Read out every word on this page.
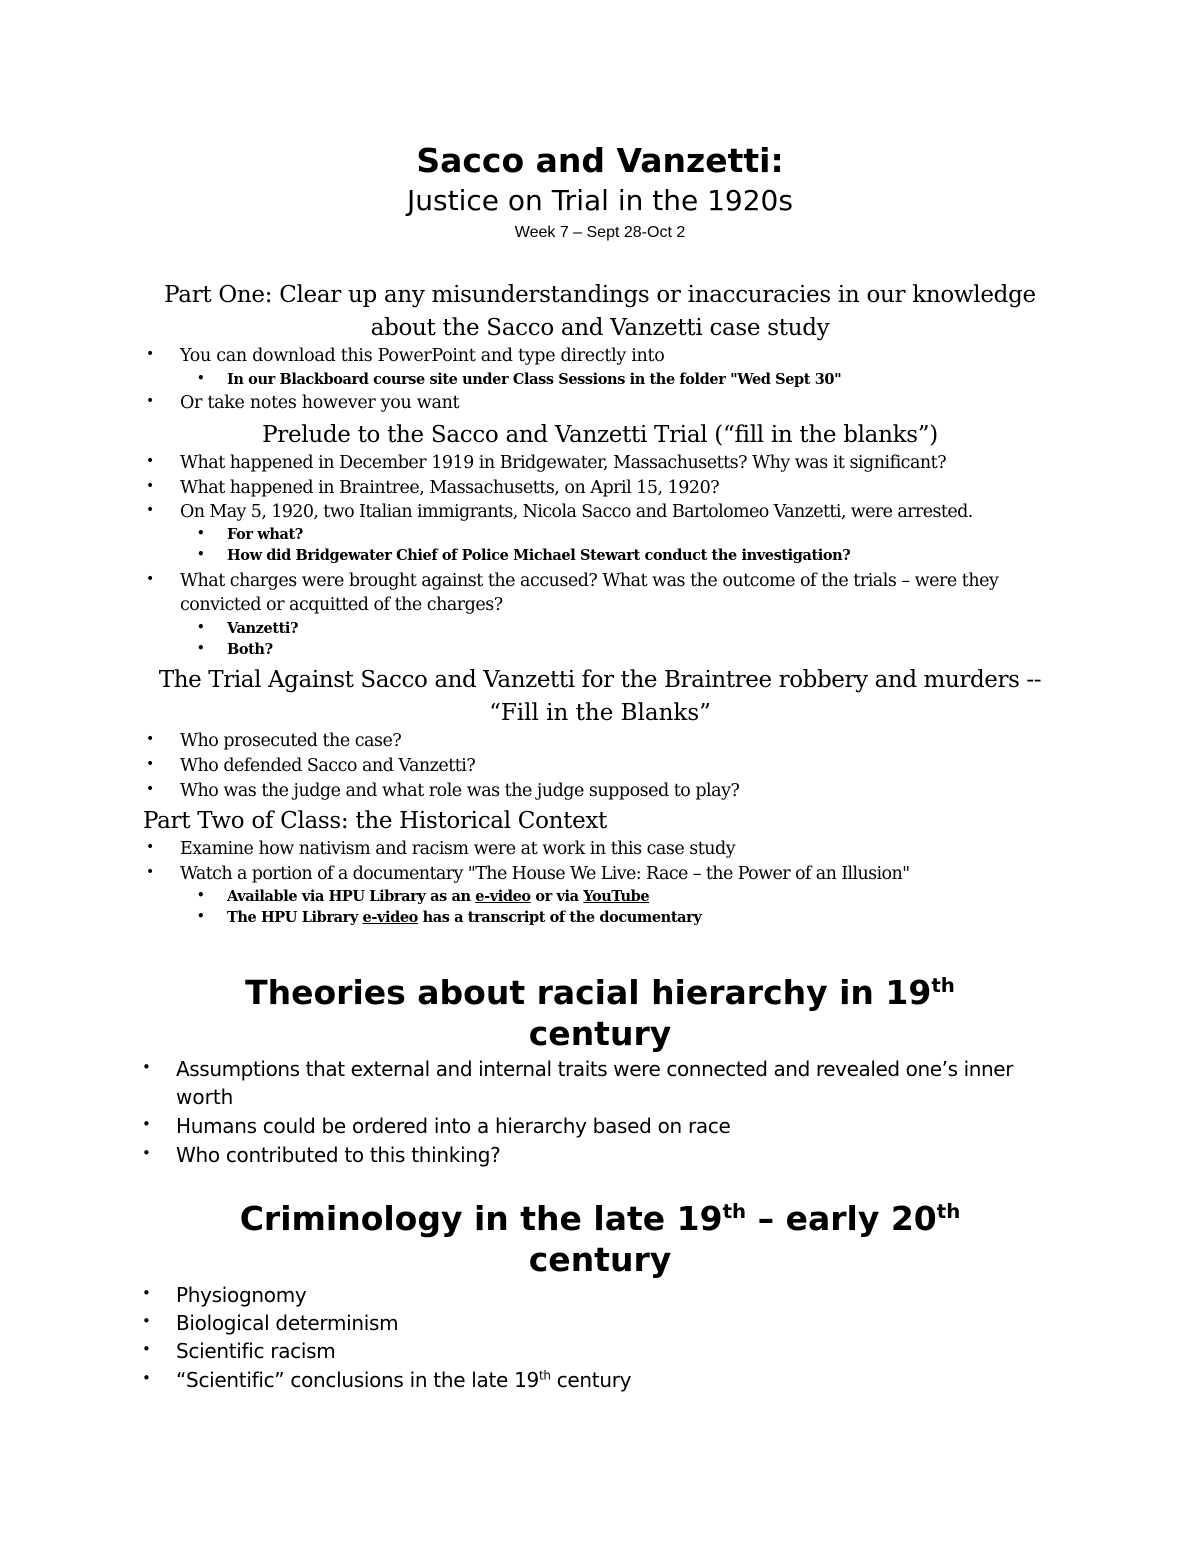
Sacco and Vanzetti:
Justice on Trial in the 1920s
Week 7 – Sept 28-Oct 2
Part One: Clear up any misunderstandings or inaccuracies in our knowledge
about the Sacco and Vanzetti case study
• You can download this PowerPoint and type directly into
• In our Blackboard course site under Class Sessions in the folder "Wed Sept 30"
• Or take notes however you want
Prelude to the Sacco and Vanzetti Trial (“fill in the blanks”)
• What happened in December 1919 in Bridgewater, Massachusetts? Why was it significant?
• What happened in Braintree, Massachusetts, on April 15, 1920?
• On May 5, 1920, two Italian immigrants, Nicola Sacco and Bartolomeo Vanzetti, were arrested.
• For what?
• How did Bridgewater Chief of Police Michael Stewart conduct the investigation?
• What charges were brought against the accused? What was the outcome of the trials – were they
convicted or acquitted of the charges?
• Vanzetti?
• Both?
The Trial Against Sacco and Vanzetti for the Braintree robbery and murders --
“Fill in the Blanks”
• Who prosecuted the case?
• Who defended Sacco and Vanzetti?
• Who was the judge and what role was the judge supposed to play?
Part Two of Class: the Historical Context
• Examine how nativism and racism were at work in this case study
• Watch a portion of a documentary "The House We Live: Race – the Power of an Illusion"
• Available via HPU Library as an e-video or via YouTube
• The HPU Library e-video has a transcript of the documentary
Theories about racial hierarchy in 19th
century
• Assumptions that external and internal traits were connected and revealed one’s inner
worth
• Humans could be ordered into a hierarchy based on race
• Who contributed to this thinking?
Criminology in the late 19th – early 20th
century
• Physiognomy
• Biological determinism
• Scientific racism
• “Scientific” conclusions in the late 19th century
